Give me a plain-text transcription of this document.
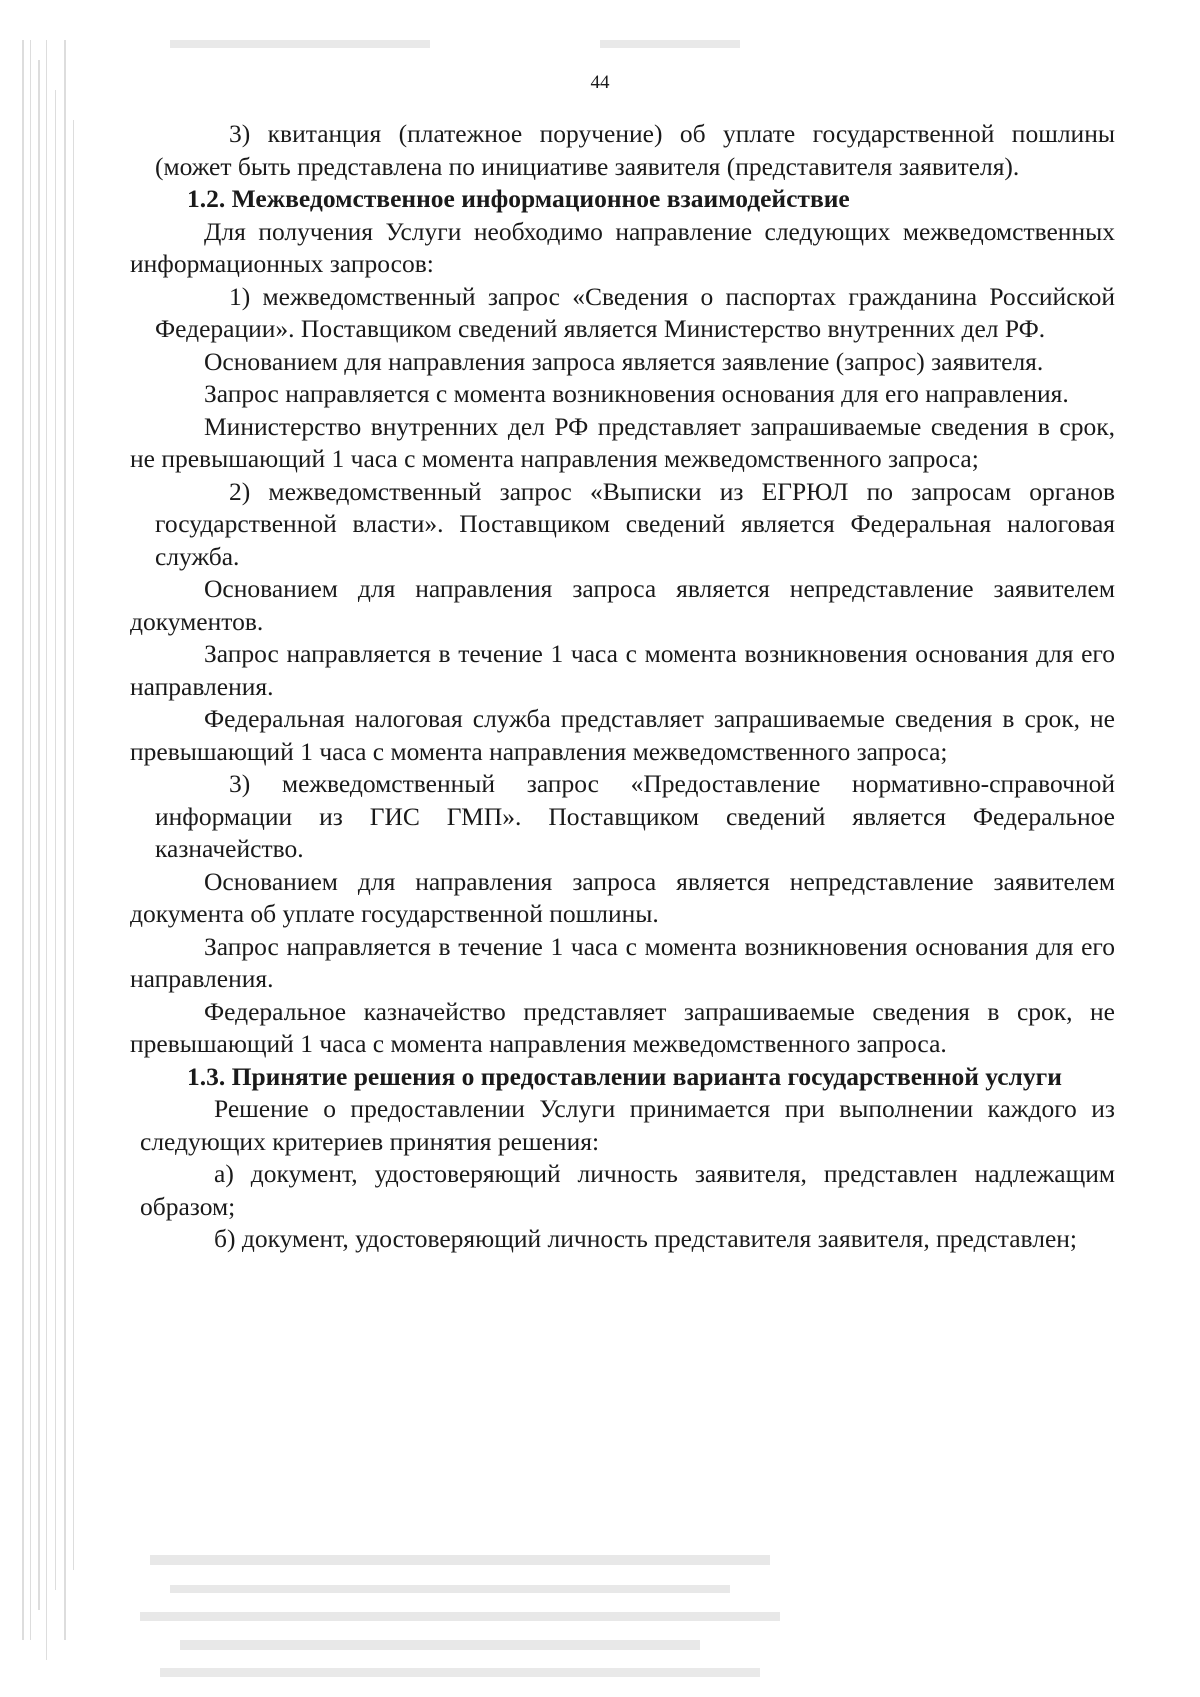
44

3) квитанция (платежное поручение) об уплате государственной пошлины (может быть представлена по инициативе заявителя (представителя заявителя).

1.2. Межведомственное информационное взаимодействие

Для получения Услуги необходимо направление следующих межведомственных информационных запросов:

1) межведомственный запрос «Сведения о паспортах гражданина Российской Федерации». Поставщиком сведений является Министерство внутренних дел РФ.

Основанием для направления запроса является заявление (запрос) заявителя.

Запрос направляется с момента возникновения основания для его направления.

Министерство внутренних дел РФ представляет запрашиваемые сведения в срок, не превышающий 1 часа с момента направления межведомственного запроса;

2) межведомственный запрос «Выписки из ЕГРЮЛ по запросам органов государственной власти». Поставщиком сведений является Федеральная налоговая служба.

Основанием для направления запроса является непредставление заявителем документов.

Запрос направляется в течение 1 часа с момента возникновения основания для его направления.

Федеральная налоговая служба представляет запрашиваемые сведения в срок, не превышающий 1 часа с момента направления межведомственного запроса;

3) межведомственный запрос «Предоставление нормативно-справочной информации из ГИС ГМП». Поставщиком сведений является Федеральное казначейство.

Основанием для направления запроса является непредставление заявителем документа об уплате государственной пошлины.

Запрос направляется в течение 1 часа с момента возникновения основания для его направления.

Федеральное казначейство представляет запрашиваемые сведения в срок, не превышающий 1 часа с момента направления межведомственного запроса.

1.3. Принятие решения о предоставлении варианта государственной услуги

Решение о предоставлении Услуги принимается при выполнении каждого из следующих критериев принятия решения:

а) документ, удостоверяющий личность заявителя, представлен надлежащим образом;

б) документ, удостоверяющий личность представителя заявителя, представлен;
